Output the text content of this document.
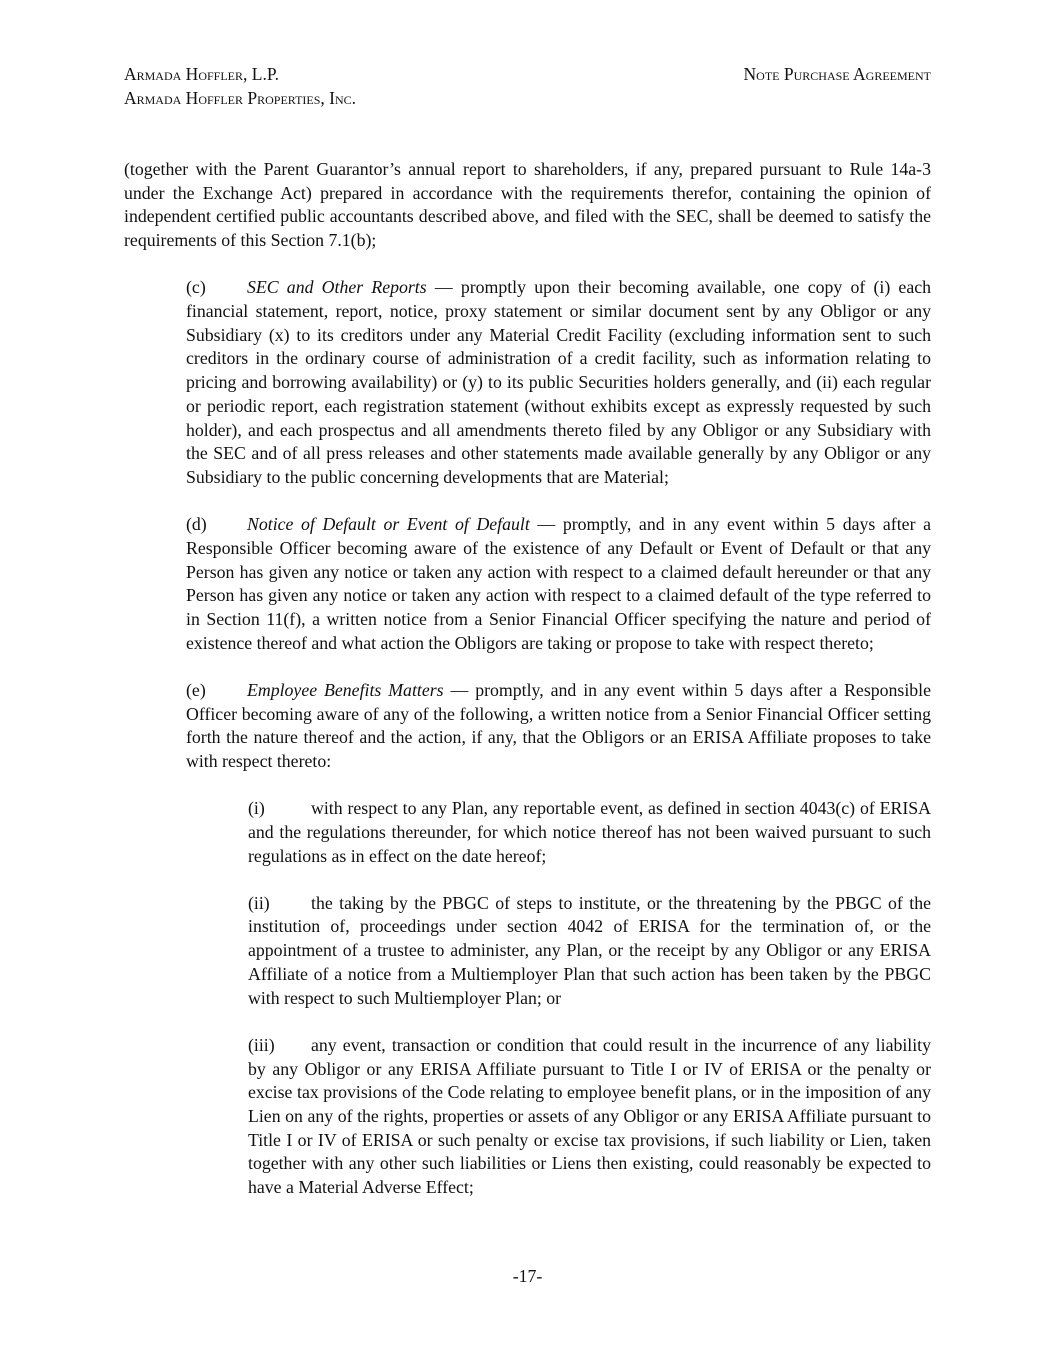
Armada Hoffler, L.P.
Armada Hoffler Properties, Inc.
Note Purchase Agreement

(together with the Parent Guarantor’s annual report to shareholders, if any, prepared pursuant to Rule 14a-3 under the Exchange Act) prepared in accordance with the requirements therefor, containing the opinion of independent certified public accountants described above, and filed with the SEC, shall be deemed to satisfy the requirements of this Section 7.1(b);

(c) SEC and Other Reports — promptly upon their becoming available, one copy of (i) each financial statement, report, notice, proxy statement or similar document sent by any Obligor or any Subsidiary (x) to its creditors under any Material Credit Facility (excluding information sent to such creditors in the ordinary course of administration of a credit facility, such as information relating to pricing and borrowing availability) or (y) to its public Securities holders generally, and (ii) each regular or periodic report, each registration statement (without exhibits except as expressly requested by such holder), and each prospectus and all amendments thereto filed by any Obligor or any Subsidiary with the SEC and of all press releases and other statements made available generally by any Obligor or any Subsidiary to the public concerning developments that are Material;

(d) Notice of Default or Event of Default — promptly, and in any event within 5 days after a Responsible Officer becoming aware of the existence of any Default or Event of Default or that any Person has given any notice or taken any action with respect to a claimed default hereunder or that any Person has given any notice or taken any action with respect to a claimed default of the type referred to in Section 11(f), a written notice from a Senior Financial Officer specifying the nature and period of existence thereof and what action the Obligors are taking or propose to take with respect thereto;

(e) Employee Benefits Matters — promptly, and in any event within 5 days after a Responsible Officer becoming aware of any of the following, a written notice from a Senior Financial Officer setting forth the nature thereof and the action, if any, that the Obligors or an ERISA Affiliate proposes to take with respect thereto:

(i)	with respect to any Plan, any reportable event, as defined in section 4043(c) of ERISA and the regulations thereunder, for which notice thereof has not been waived pursuant to such regulations as in effect on the date hereof;

(ii) the taking by the PBGC of steps to institute, or the threatening by the PBGC of the institution of, proceedings under section 4042 of ERISA for the termination of, or the appointment of a trustee to administer, any Plan, or the receipt by any Obligor or any ERISA Affiliate of a notice from a Multiemployer Plan that such action has been taken by the PBGC with respect to such Multiemployer Plan; or

(iii) any event, transaction or condition that could result in the incurrence of any liability by any Obligor or any ERISA Affiliate pursuant to Title I or IV of ERISA or the penalty or excise tax provisions of the Code relating to employee benefit plans, or in the imposition of any Lien on any of the rights, properties or assets of any Obligor or any ERISA Affiliate pursuant to Title I or IV of ERISA or such penalty or excise tax provisions, if such liability or Lien, taken together with any other such liabilities or Liens then existing, could reasonably be expected to have a Material Adverse Effect;

-17-
